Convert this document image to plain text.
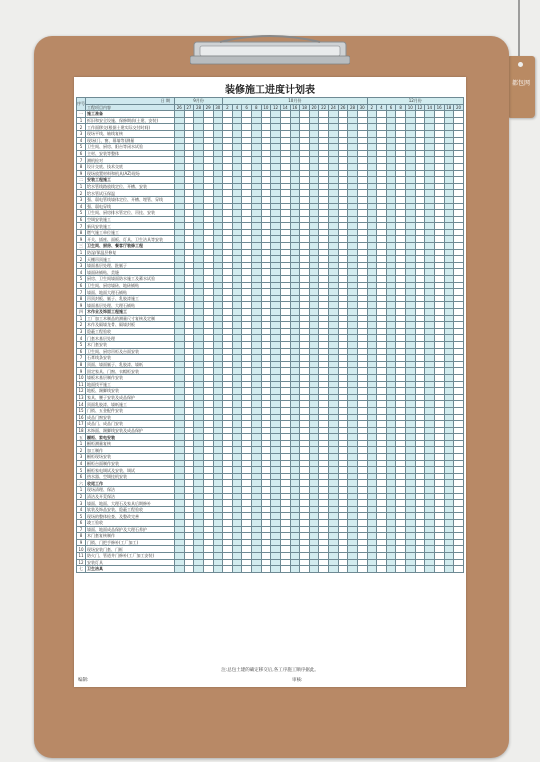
都包网
装修施工进度计划表
序号	日 期	9月份					10月份															12月份									
	工程项目内容	26	27	28	29	30	2	4	6	8	10	12	14	16	18	20	22	24	26	28	30	2	4	6	8	10	12	14	16	18	20
一	施工准备																														
1	拆旧和安全设施、保修期前(土建、安装)																														
2	工作面移交(根据土建实际交付时间)																														
3	现场平线、轴线复核																														
4	现场(门、窗、幕墙等)测量																														
5	卫生间、厨房、阳台等闭水试验																														
6	主材、安装等整体																														
7	测机检对																														
8	设计交底、技术交底																														
9	现场放置材料和机具(AZ)现场																														
二	安装工程施工																														
1	给水管线路放线定位、开槽、安装																														
2	给水管试压保温																														
3	强、弱电管线墙体定位、开槽、埋管、穿线																														
4	强、弱电穿线																														
5	卫生间、厨房排水管定位、吊挂、安装																														
6	空调安装施工																														
7	新风安装施工																														
8	燃气施工单位施工																														
9	开关、插座、面板、灯具、卫生洁具等安装																														
三	卫生间、厨房、餐客厅装修工程																														
1	防湿/保温层修复																														
2	天棚吊顶施工																														
3	墙面基层处理、批腻子																														
4	墙面砖铺贴、美缝																														
5	厨房、卫生间墙面防水施工及蓄水试验																														
6	卫生间、厨房墙砖、地砖铺贴																														
7	墙面、地面大理石铺贴																														
8	吊顶封板、腻子、乳胶漆施工																														
9	墙面基层处理、大理石铺贴																														
四	木作业及饰面工程施工																														
1	工厂加工木制品的测量尺寸复核及定制																														
2	木作及隔墙龙骨、隔墙封板																														
3	隐蔽工程验收																														
4	门套木基层处理																														
5	木门套安装																														
6	卫生间、厨房吊柜及台面安装																														
7	石膏线条安装																														
8	顶面、墙面腻子、乳胶漆、墙纸																														
9	固定家具、门窗、衣帽柜安装																														
10	墙板木基层制作安装																														
11	地面找平施工																														
12	地板、踢脚线安装																														
13	家具、腰子安装及成品保护																														
14	顶面乳胶漆、墙纸施工																														
15	门锁、五金配件安装																														
16	成品门窗安装																														
17	成品门、成品门安装																														
18	木饰面、踢脚线安装及成品保护																														
五	橱柜、家电安装																														
1	橱柜测量复核																														
2	加工制作																														
3	橱柜现场安装																														
4	橱柜台面制作安装																														
5	橱柜家电调试及安装、调试																														
6	热水器、空调挂机安装																														
六	收尾工作																														
1	现场清理、保洁																														
2	清洁及开荒保洁																														
3	墙面、地面、大理石及家具后期修补																														
4	软装及饰品安装、隐蔽工程验收																														
5	现场的整体检查、及整改完善																														
6	竣工验收																														
7	墙面、地面成品保护及大理石养护																														
8	木门套复核制作																														
9	门锁、门把手修补(工厂加工)																														
10	现场安装门套、门框																														
11	防火门、管道井门修补(工厂加工安装)																														
12	安装灯具																														
七	卫生洁具																														
注:总包土建的确定移交后,各工序施工顺序据此。
编制:	审核:
